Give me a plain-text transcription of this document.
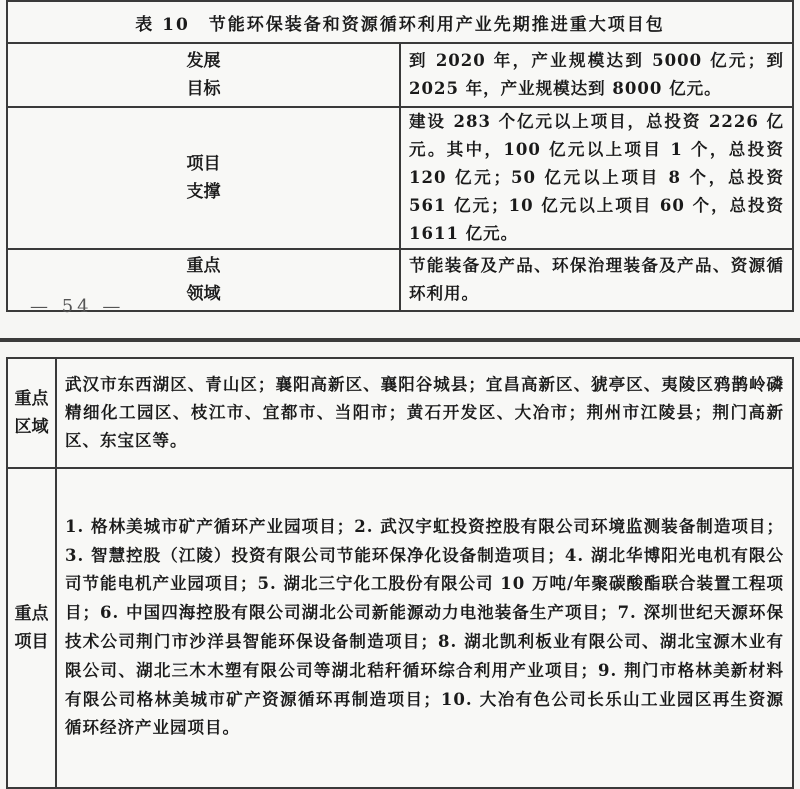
表 10　节能环保装备和资源循环利用产业先期推进重大项目包	

发展
目标	到 2020 年，产业规模达到 5000 亿元；到 2025 年，产业规模达到 8000 亿元。

项目
支撑	建设 283 个亿元以上项目，总投资 2226 亿元。其中，100 亿元以上项目 1 个，总投资 120 亿元；50 亿元以上项目 8 个，总投资 561 亿元；10 亿元以上项目 60 个，总投资 1611 亿元。

重点
领域	节能装备及产品、环保治理装备及产品、资源循环利用。
— 54 —
重点
区域	武汉市东西湖区、青山区；襄阳高新区、襄阳谷城县；宜昌高新区、猇亭区、夷陵区鸦鹊岭磷精细化工园区、枝江市、宜都市、当阳市；黄石开发区、大冶市；荆州市江陵县；荆门高新区、东宝区等。

重点
项目	1. 格林美城市矿产循环产业园项目；2. 武汉宇虹投资控股有限公司环境监测装备制造项目；3. 智慧控股（江陵）投资有限公司节能环保净化设备制造项目；4. 湖北华博阳光电机有限公司节能电机产业园项目；5. 湖北三宁化工股份有限公司 10 万吨/年聚碳酸酯联合装置工程项目；6. 中国四海控股有限公司湖北公司新能源动力电池装备生产项目；7. 深圳世纪天源环保技术公司荆门市沙洋县智能环保设备制造项目；8. 湖北凯利板业有限公司、湖北宝源木业有限公司、湖北三木木塑有限公司等湖北秸秆循环综合利用产业项目；9. 荆门市格林美新材料有限公司格林美城市矿产资源循环再制造项目；10. 大冶有色公司长乐山工业园区再生资源循环经济产业园项目。
